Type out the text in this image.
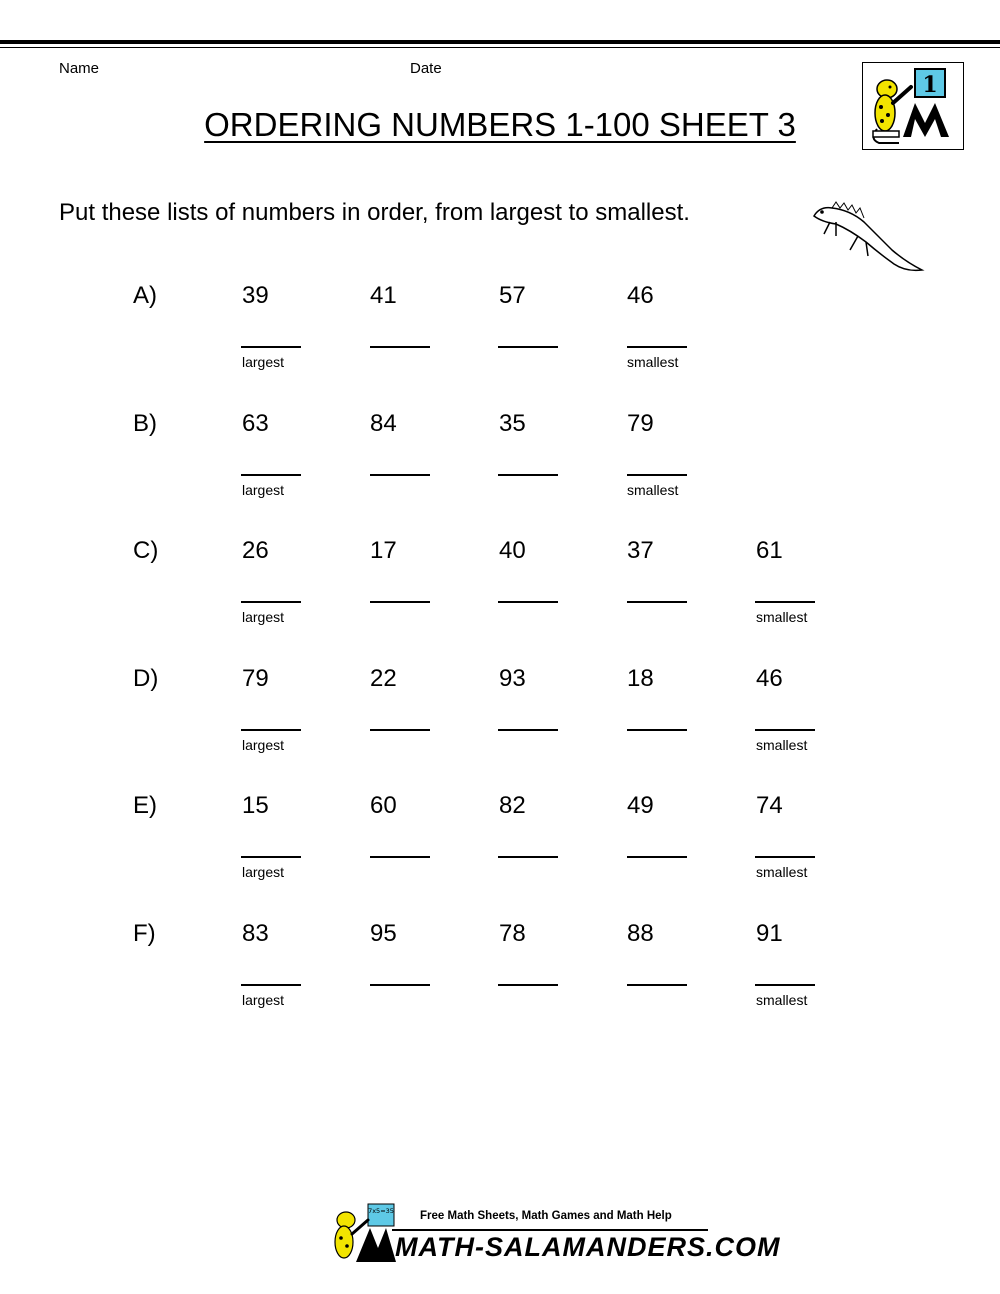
Name	Date
ORDERING NUMBERS 1-100 SHEET 3
1
Put these lists of numbers in order, from largest to smallest.
A)	39	41	57	46
largest	smallest
B)	63	84	35	79
largest	smallest
C)	26	17	40	37	61
largest	smallest
D)	79	22	93	18	46
largest	smallest
E)	15	60	82	49	74
largest	smallest
F)	83	95	78	88	91
largest	smallest
7x5=35 Free Math Sheets, Math Games and Math Help
MATH-SALAMANDERS.COM
